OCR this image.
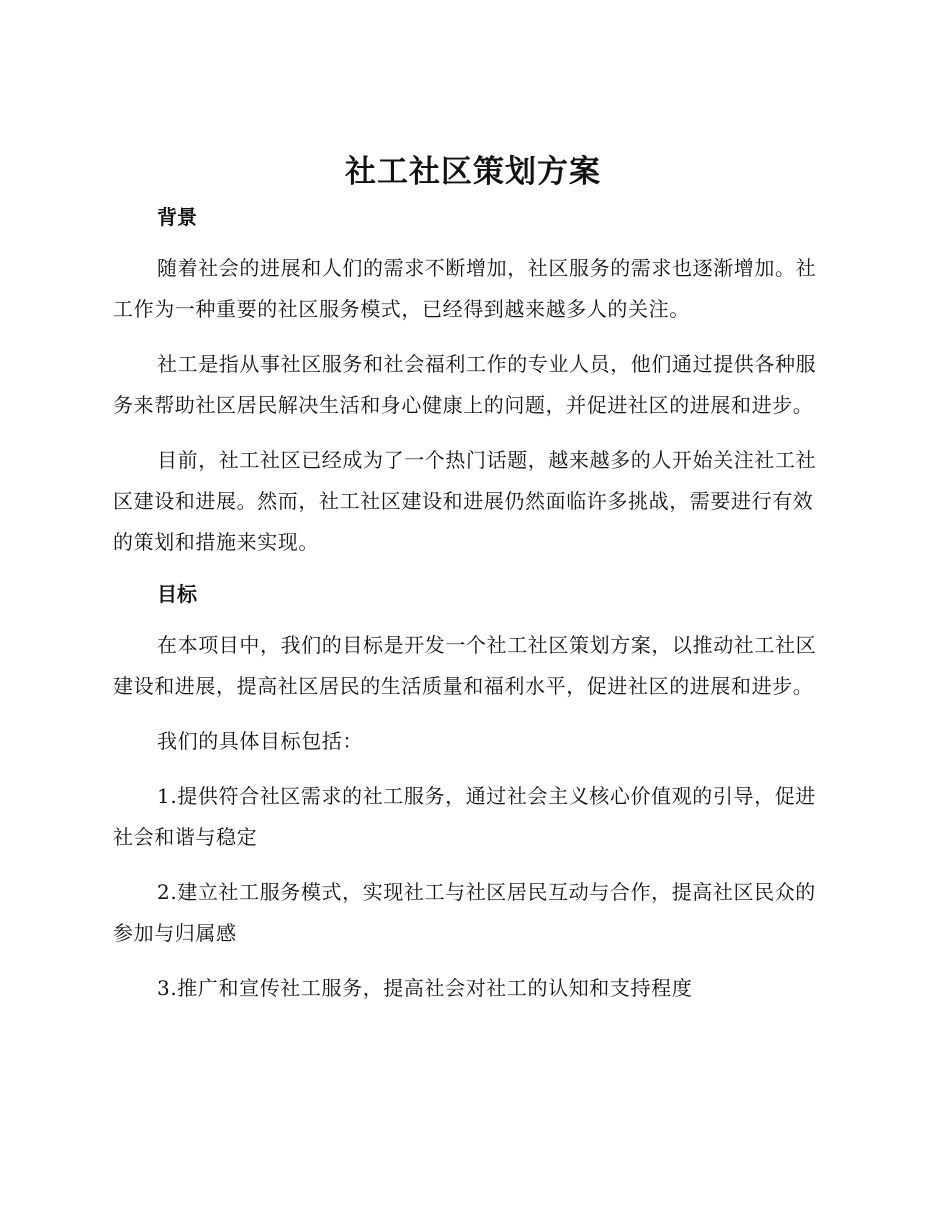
社工社区策划方案
背景

随着社会的进展和人们的需求不断增加，社区服务的需求也逐渐增加。社工作为一种重要的社区服务模式，已经得到越来越多人的关注。

社工是指从事社区服务和社会福利工作的专业人员，他们通过提供各种服务来帮助社区居民解决生活和身心健康上的问题，并促进社区的进展和进步。

目前，社工社区已经成为了一个热门话题，越来越多的人开始关注社工社区建设和进展。然而，社工社区建设和进展仍然面临许多挑战，需要进行有效的策划和措施来实现。

目标

在本项目中，我们的目标是开发一个社工社区策划方案，以推动社工社区建设和进展，提高社区居民的生活质量和福利水平，促进社区的进展和进步。

我们的具体目标包括：

1.提供符合社区需求的社工服务，通过社会主义核心价值观的引导，促进社会和谐与稳定

2.建立社工服务模式，实现社工与社区居民互动与合作，提高社区民众的参加与归属感

3.推广和宣传社工服务，提高社会对社工的认知和支持程度
